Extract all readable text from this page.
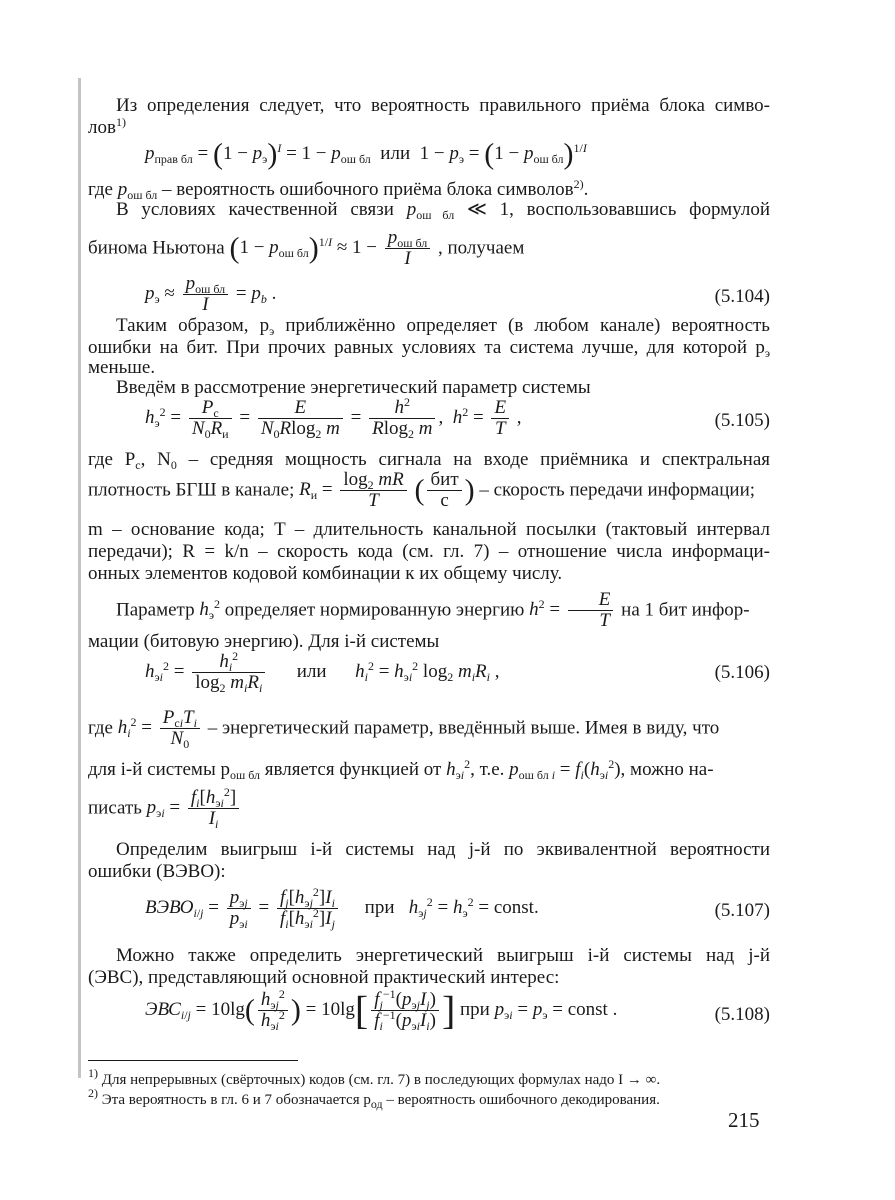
Из определения следует, что вероятность правильного приёма блока симво-
лов$^{1)}$
$p_{прав бл} = (1 - p_э)^I = 1 - p_{ош бл}$ или  $1 - p_э = (1 - p_{ош бл})^{1/I}$
где $p_{ош бл}$ – вероятность ошибочного приёма блока символов$^{2)}$.
В условиях качественной связи $p_{ош бл}$ ≪ 1, воспользовавшись формулой
бинома Ньютона $(1 - p_{ош бл})^{1/I} \approx 1 - \frac{p_{ош бл}}{I}$ , получаем
$p_э \approx \frac{p_{ош бл}}{I} = p_b$ .	(5.104)
Таким образом, $p_э$ приближённо определяет (в любом канале) вероятность
ошибки на бит. При прочих равных условиях та система лучше, для которой $p_э$
меньше.
Введём в рассмотрение энергетический параметр системы
$h_э^2 = \frac{P_c}{N_0R_и} = \frac{E}{N_0Rlog_2 m} = \frac{h^2}{Rlog_2 m}$ ,  $h^2 = \frac{E}{T}$ ,	(5.105)
где $P_c$, $N_0$ – средняя мощность сигнала на входе приёмника и спектральная
плотность БГШ в канале; $R_и = \frac{\log_2 mR}{T}$ ( $\frac{\text{бит}}{с}$ ) – скорость передачи информации;
m – основание кода; T – длительность канальной посылки (тактовый интервал
передачи); R = k/n – скорость кода (см. гл. 7) – отношение числа информаци-
онных элементов кодовой комбинации к их общему числу.
Параметр $h_э^2$ определяет нормированную энергию $h^2 = \frac{E}{T}$ на 1 бит инфор-
мации (битовую энергию). Для i-й системы
$h_{эi}^2 = \frac{h_i^2}{\log_2 m_iR_i}$ или $h_i^2 = h_{эi}^2$ $\log_2 m_iR_i$ ,	(5.106)
где $h_i^2 = \frac{P_{ci}T_i}{N_0}$ – энергетический параметр, введённый выше. Имея в виду, что
для i-й системы $p_{ош бл}$ является функцией от $h_{эi}^2$, т.е. $p_{ош бл i} = f_i(h_{эi}^2)$, можно на-
писать $p_{эi} = \frac{f_i[h_{эi}^2]}{I_i}$
Определим выигрыш i-й системы над j-й по эквивалентной вероятности
ошибки (ВЭВО):
$ВЭВО_{i/j} = \frac{p_{эj}}{p_{эi}} = \frac{f_j[h_{эj}^2]I_i}{f_i[h_{эi}^2]I_j}$ при $h_{эj}^2 = h_э^2$ = const.	(5.107)
Можно также определить энергетический выигрыш i-й системы над j-й
(ЭВС), представляющий основной практический интерес:
$ЭВС_{i/j} = 10\lg( \frac{h_{эj}^2}{h_{эi}^2}$ ) = $10\lg[ \frac{f_j^{-1}(p_{эj}I_j)}{f_i^{-1}(p_{эi}I_i)}$ ] при $p_{эi} = p_э$ = const .	(5.108)
$^{1)}$ Для непрерывных (свёрточных) кодов (см. гл. 7) в последующих формулах надо I → ∞.
$^{2)}$ Эта вероятность в гл. 6 и 7 обозначается $p_{од}$ – вероятность ошибочного декодирования.
215
